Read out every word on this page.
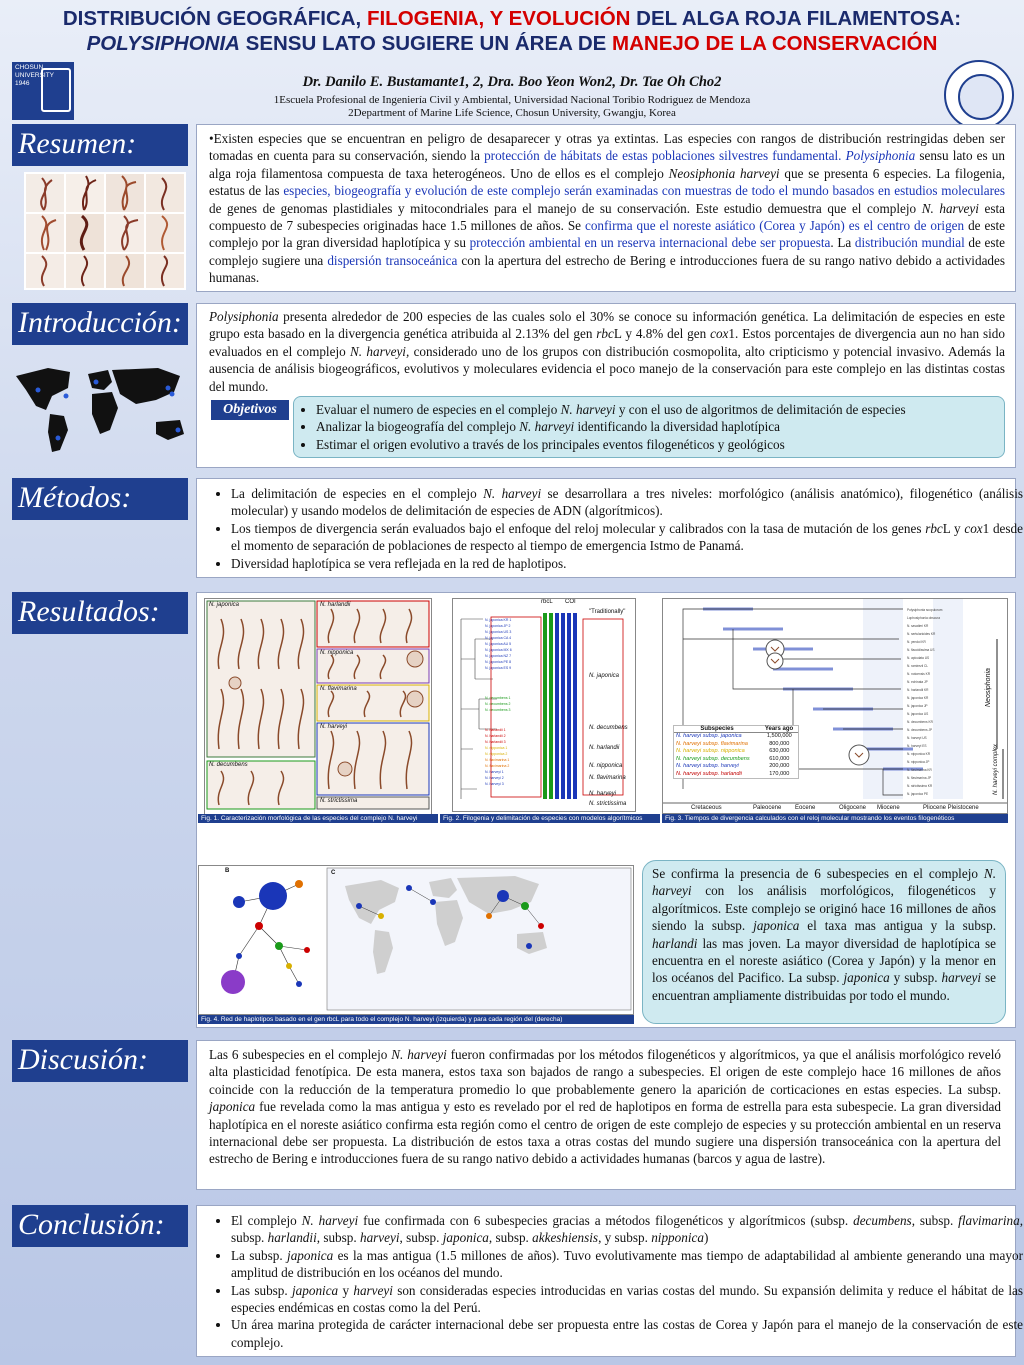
DISTRIBUCIÓN GEOGRÁFICA, FILOGENIA, Y EVOLUCIÓN DEL ALGA ROJA FILAMENTOSA:
POLYSIPHONIA SENSU LATO SUGIERE UN ÁREA DE MANEJO DE LA CONSERVACIÓN
CHOSUN UNIVERSITY 1946	Dr. Danilo E. Bustamante1, 2, Dra. Boo Yeon Won2, Dr. Tae Oh Cho2
1Escuela Profesional de Ingeniería Civil y Ambiental, Universidad Nacional Toribio Rodriguez de Mendoza
2Department of Marine Life Science, Chosun University, Gwangju, Korea
Resumen:	•Existen especies que se encuentran en peligro de desaparecer y otras ya extintas. Las especies con rangos de distribución restringidas deben ser tomadas en cuenta para su conservación, siendo la protección de hábitats de estas poblaciones silvestres fundamental. Polysiphonia sensu lato es un alga roja filamentosa compuesta de taxa heterogéneos. Uno de ellos es el complejo Neosiphonia harveyi que se presenta 6 especies. La filogenia, estatus de las especies, biogeografía y evolución de este complejo serán examinadas con muestras de todo el mundo basados en estudios moleculares de genes de genomas plastidiales y mitocondriales para el manejo de su conservación. Este estudio demuestra que el complejo N. harveyi esta compuesto de 7 subespecies originadas hace 1.5 millones de años. Se confirma que el noreste asiático (Corea y Japón) es el centro de origen de este complejo por la gran diversidad haplotípica y su protección ambiental en un reserva internacional debe ser propuesta. La distribución mundial de este complejo sugiere una dispersión transoceánica con la apertura del estrecho de Bering e introducciones fuera de su rango nativo debido a actividades humanas.
Introducción:	Polysiphonia presenta alrededor de 200 especies de las cuales solo el 30% se conoce su información genética. La delimitación de especies en este grupo esta basado en la divergencia genética atribuida al 2.13% del gen rbcL y 4.8% del gen cox1. Estos porcentajes de divergencia aun no han sido evaluados en el complejo N. harveyi, considerado uno de los grupos con distribución cosmopolita, alto cripticismo y potencial invasivo. Además la ausencia de análisis biogeográficos, evolutivos y moleculares evidencia el poco manejo de la conservación para este complejo en las distintas costas del mundo.
Objetivos	• Evaluar el numero de especies en el complejo N. harveyi y con el uso de algoritmos de delimitación de especies
• Analizar la biogeografía del complejo N. harveyi identificando la diversidad haplotípica
• Estimar el origen evolutivo a través de los principales eventos filogenéticos y geológicos
Métodos:	• La delimitación de especies en el complejo N. harveyi se desarrollara a tres niveles: morfológico (análisis anatómico), filogenético (análisis molecular) y usando modelos de delimitación de especies de ADN (algorítmicos).
• Los tiempos de divergencia serán evaluados bajo el enfoque del reloj molecular y calibrados con la tasa de mutación de los genes rbcL y cox1 desde el momento de separación de poblaciones de respecto al tiempo de emergencia Istmo de Panamá.
• Diversidad haplotípica se vera reflejada en la red de haplotipos.
Resultados:	N. japonica	N. harlandii
N. nipponica
N. flavimarina
N. harveyi
N. decumbens
N. strictissima
Fig. 1. Caracterización morfológica de las especies del complejo N. harveyi
N. japonica KR 1
N. japonica JP 2
N. japonica US 3
N. japonica CA 4
N. japonica AU 5
N. japonica MX 6
N. japonica NZ 7
N. japonica PE 8
N. japonica ES 9
N. harlandii 1
N. harlandii 2
N. harlandii 3
N. nipponica 1
N. nipponica 2
N. flavimarina 1
N. flavimarina 2
N. harveyi 1
N. harveyi 2
N. harveyi 3
N. decumbens 1
N. decumbens 2
N. decumbens 3
rbcL COI
"Traditionally"
N. japonica
N. decumbens
N. harlandii
N. nipponica
N. flavimarina
N. harveyi
N. strictissima
Fig. 2. Filogenia y delimitación de especies con modelos algorítmicos
Polysiphonia scopulorum
Lophosiphonia obscura
N. savatieri KR
N. sertularioides KR
N. yendoi KR
N. flaccidissima US
N. apiculata US
N. ramirezii CL
N. notoensis KR
N. echinata JP
N. harlandii KR
N. japonica KR
N. japonica JP
N. japonica US
N. decumbens KR
N. decumbens JP
N. harveyi US
N. harveyi ES
N. nipponica KR
N. nipponica JP
N. flavimarina KR
N. flavimarina JP
N. strictissima KR
N. japonica PE
Subspecies	Years ago
N. harveyi subsp. japonica	1,500,000
N. harveyi subsp. flavimarina	800,000
N. harveyi subsp. nipponica	630,000
N. harveyi subsp. decumbens	610,000
N. harveyi subsp. harveyi	200,000
N. harveyi subsp. harlandii	170,000
Cretaceous	Paleocene Eocene	Oligocene Miocene	Pliocene Pleistocene
Neosiphonia
N. harveyi complex
Fig. 3. Tiempos de divergencia calculados con el reloj molecular mostrando los eventos filogenéticos
B	C
Fig. 4. Red de haplotipos basado en el gen rbcL para todo el complejo N. harveyi (izquierda) y para cada región del (derecha)
Se confirma la presencia de 6 subespecies en el complejo N. harveyi con los análisis morfológicos, filogenéticos y algorítmicos. Este complejo se originó hace 16 millones de años siendo la subsp. japonica el taxa mas antigua y la subsp. harlandi las mas joven. La mayor diversidad de haplotípica se encuentra en el noreste asiático (Corea y Japón) y la menor en los océanos del Pacifico. La subsp. japonica y subsp. harveyi se encuentran ampliamente distribuidas por todo el mundo.
Discusión:	Las 6 subespecies en el complejo N. harveyi fueron confirmadas por los métodos filogenéticos y algorítmicos, ya que el análisis morfológico reveló alta plasticidad fenotípica. De esta manera, estos taxa son bajados de rango a subespecies. El origen de este complejo hace 16 millones de años coincide con la reducción de la temperatura promedio lo que probablemente genero la aparición de corticaciones en estas especies. La subsp. japonica fue revelada como la mas antigua y esto es revelado por el red de haplotipos en forma de estrella para esta subespecie. La gran diversidad haplotípica en el noreste asiático confirma esta región como el centro de origen de este complejo de especies y su protección ambiental en un reserva internacional debe ser propuesta. La distribución de estos taxa a otras costas del mundo sugiere una dispersión transoceánica con la apertura del estrecho de Bering e introducciones fuera de su rango nativo debido a actividades humanas (barcos y agua de lastre).
Conclusión:	• El complejo N. harveyi fue confirmada con 6 subespecies gracias a métodos filogenéticos y algorítmicos (subsp. decumbens, subsp. flavimarina, subsp. harlandii, subsp. harveyi, subsp. japonica, subsp. akkeshiensis, y subsp. nipponica)
• La subsp. japonica es la mas antigua (1.5 millones de años). Tuvo evolutivamente mas tiempo de adaptabilidad al ambiente generando una mayor amplitud de distribución en los océanos del mundo.
• Las subsp. japonica y harveyi son consideradas especies introducidas en varias costas del mundo. Su expansión delimita y reduce el hábitat de las especies endémicas en costas como la del Perú.
• Un área marina protegida de carácter internacional debe ser propuesta entre las costas de Corea y Japón para el manejo de la conservación de este complejo.
